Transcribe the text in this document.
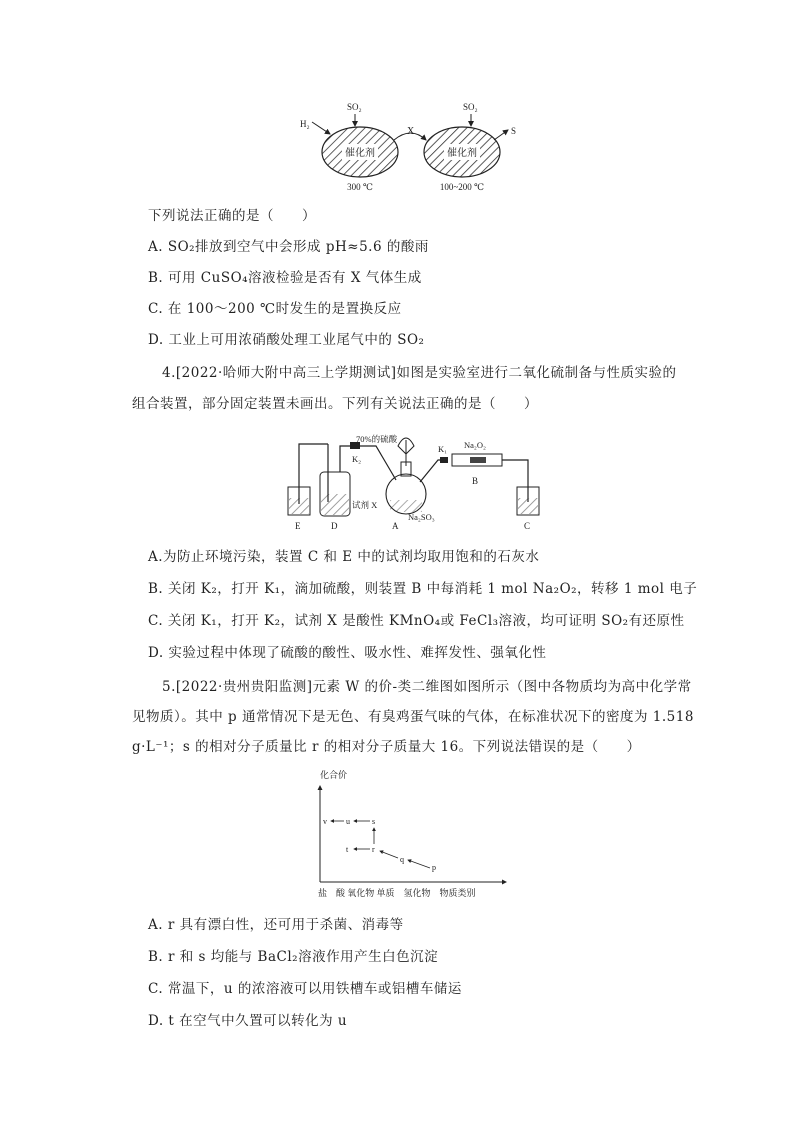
催化剂	催化剂
H₂
SO₂	SO₂
X	S
300 ℃	100~200 ℃
下列说法正确的是（　　）
A. SO₂排放到空气中会形成 pH≈5.6 的酸雨
B. 可用 CuSO₄溶液检验是否有 X 气体生成
C. 在 100～200 ℃时发生的是置换反应
D. 工业上可用浓硝酸处理工业尾气中的 SO₂
4.[2022·哈师大附中高三上学期测试]如图是实验室进行二氧化硫制备与性质实验的
组合装置，部分固定装置未画出。下列有关说法正确的是（　　）
70%的硫酸
Na₂O₂
K₂
K₁
B
试剂 X
Na₂SO₃
E	D	A	C
A.为防止环境污染，装置 C 和 E 中的试剂均取用饱和的石灰水
B. 关闭 K₂，打开 K₁，滴加硫酸，则装置 B 中每消耗 1 mol Na₂O₂，转移 1 mol 电子
C. 关闭 K₁，打开 K₂，试剂 X 是酸性 KMnO₄或 FeCl₃溶液，均可证明 SO₂有还原性
D. 实验过程中体现了硫酸的酸性、吸水性、难挥发性、强氧化性
5.[2022·贵州贵阳监测]元素 W 的价-类二维图如图所示（图中各物质均为高中化学常
见物质）。其中 p 通常情况下是无色、有臭鸡蛋气味的气体，在标准状况下的密度为 1.518
g·L⁻¹；s 的相对分子质量比 r 的相对分子质量大 16。下列说法错误的是（　　）
化合价
盐　酸 氧化物 单质　氢化物　物质类别
v u	s
t	r
q
p
A. r 具有漂白性，还可用于杀菌、消毒等
B. r 和 s 均能与 BaCl₂溶液作用产生白色沉淀
C. 常温下，u 的浓溶液可以用铁槽车或铝槽车储运
D. t 在空气中久置可以转化为 u
